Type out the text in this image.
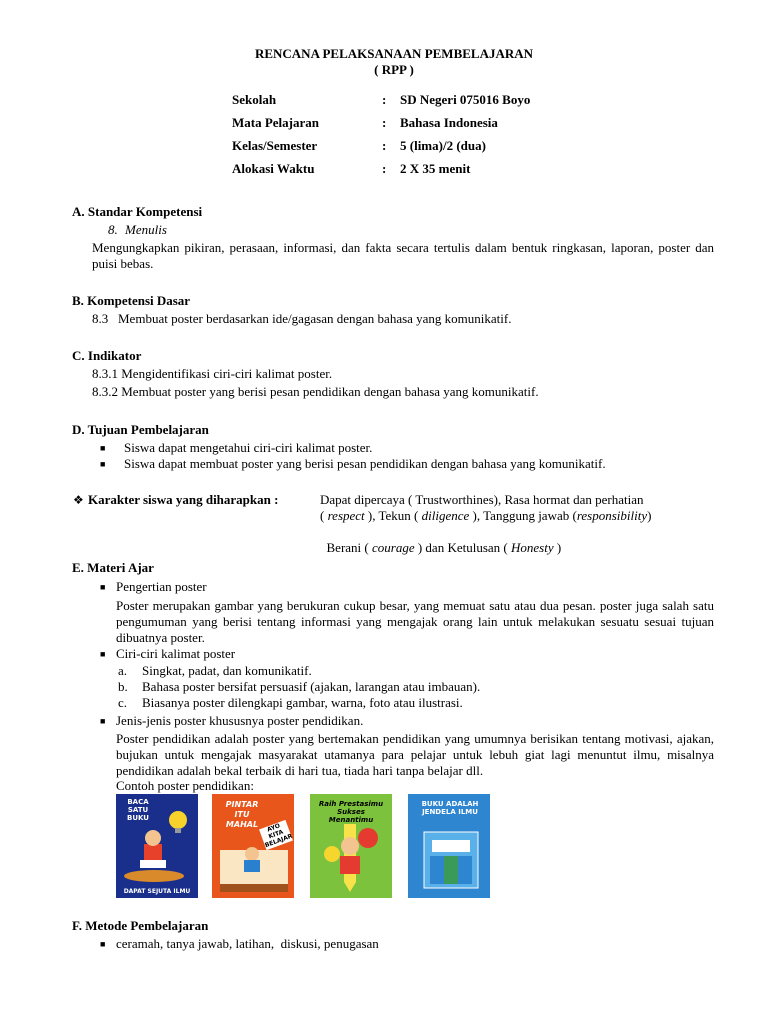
RENCANA PELAKSANAAN PEMBELAJARAN
( RPP )
Sekolah	: SD Negeri 075016 Boyo
Mata Pelajaran	: Bahasa Indonesia
Kelas/Semester	: 5 (lima)/2 (dua)
Alokasi Waktu	: 2 X 35 menit
A. Standar Kompetensi
8. Menulis
Mengungkapkan pikiran, perasaan, informasi, dan fakta secara tertulis dalam bentuk ringkasan, laporan, poster dan puisi bebas.
B. Kompetensi Dasar
8.3   Membuat poster berdasarkan ide/gagasan dengan bahasa yang komunikatif.
C. Indikator
8.3.1 Mengidentifikasi ciri-ciri kalimat poster.
8.3.2 Membuat poster yang berisi pesan pendidikan dengan bahasa yang komunikatif.
D. Tujuan Pembelajaran
■ Siswa dapat mengetahui ciri-ciri kalimat poster.
■ Siswa dapat membuat poster yang berisi pesan pendidikan dengan bahasa yang komunikatif.
❖ Karakter siswa yang diharapkan :	Dapat dipercaya ( Trustworthines), Rasa hormat dan perhatian
( respect ), Tekun ( diligence ), Tanggung jawab (responsibility)

Berani ( courage ) dan Ketulusan ( Honesty )

E. Materi Ajar
■ Pengertian poster
Poster merupakan gambar yang berukuran cukup besar, yang memuat satu atau dua pesan. poster juga salah satu pengumuman yang berisi tentang informasi yang mengajak orang lain untuk melakukan sesuatu sesuai tujuan dibuatnya poster.
■ Ciri-ciri kalimat poster
a. Singkat, padat, dan komunikatif.
b. Bahasa poster bersifat persuasif (ajakan, larangan atau imbauan).
c. Biasanya poster dilengkapi gambar, warna, foto atau ilustrasi.
■ Jenis-jenis poster khususnya poster pendidikan.
Poster pendidikan adalah poster yang bertemakan pendidikan yang umumnya berisikan tentang motivasi, ajakan, bujukan untuk mengajak masyarakat utamanya para pelajar untuk lebuh giat lagi menuntut ilmu, misalnya pendidikan adalah bekal terbaik di hari tua, tiada hari tanpa belajar dll.
Contoh poster pendidikan:
BACA SATU BUKU
DAPAT SEJUTA ILMU
PINTAR ITU MAHAL	AYO KITA BELAJAR
Raih Prestasimu Sukses Menantimu
BUKU ADALAH JENDELA ILMU
F. Metode Pembelajaran
■ ceramah, tanya jawab, latihan,  diskusi, penugasan
